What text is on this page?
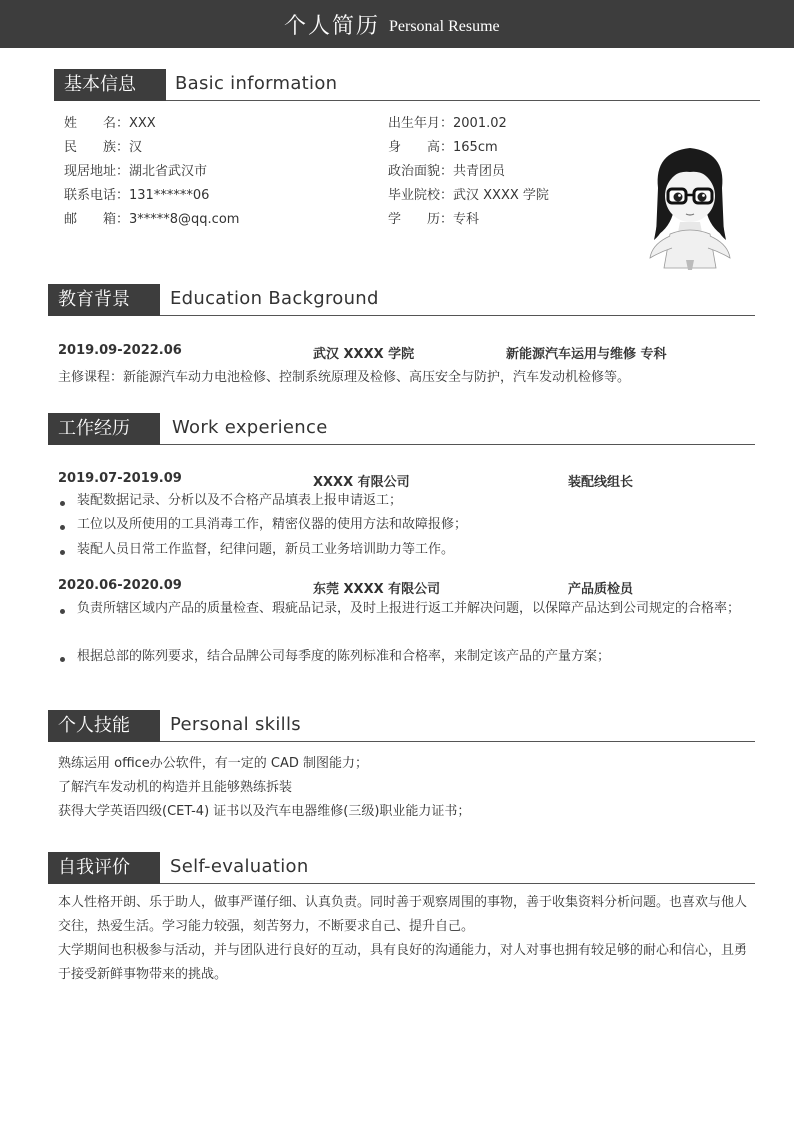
个人简历 Personal Resume
基本信息	Basic information
姓　　名：XXX
民　　族：汉
现居地址：湖北省武汉市
联系电话：131******06
邮　　箱：3*****8@qq.com
出生年月：2001.02
身　　高：165cm
政治面貌：共青团员
毕业院校：武汉 XXXX 学院
学　　历：专科
教育背景	Education Background
2019.09-2022.06	武汉 XXXX 学院	新能源汽车运用与维修 专科
主修课程：新能源汽车动力电池检修、控制系统原理及检修、高压安全与防护，汽车发动机检修等。
工作经历	Work experience
2019.07-2019.09	XXXX 有限公司	装配线组长
装配数据记录、分析以及不合格产品填表上报申请返工；
工位以及所使用的工具消毒工作，精密仪器的使用方法和故障报修；
装配人员日常工作监督，纪律问题，新员工业务培训助力等工作。
2020.06-2020.09	东莞 XXXX 有限公司	产品质检员
负责所辖区域内产品的质量检查、瑕疵品记录，及时上报进行返工并解决问题，以保障产品达到公司规定的合格率；
根据总部的陈列要求，结合品牌公司每季度的陈列标准和合格率，来制定该产品的产量方案；
个人技能	Personal skills
熟练运用 office办公软件，有一定的 CAD 制图能力；
了解汽车发动机的构造并且能够熟练拆装
获得大学英语四级(CET-4) 证书以及汽车电器维修(三级)职业能力证书；
自我评价	Self-evaluation
本人性格开朗、乐于助人，做事严谨仔细、认真负责。同时善于观察周围的事物，善于收集资料分析问题。也喜欢与他人交往，热爱生活。学习能力较强，刻苦努力，不断要求自己、提升自己。
大学期间也积极参与活动，并与团队进行良好的互动，具有良好的沟通能力，对人对事也拥有较足够的耐心和信心，且勇于接受新鲜事物带来的挑战。
